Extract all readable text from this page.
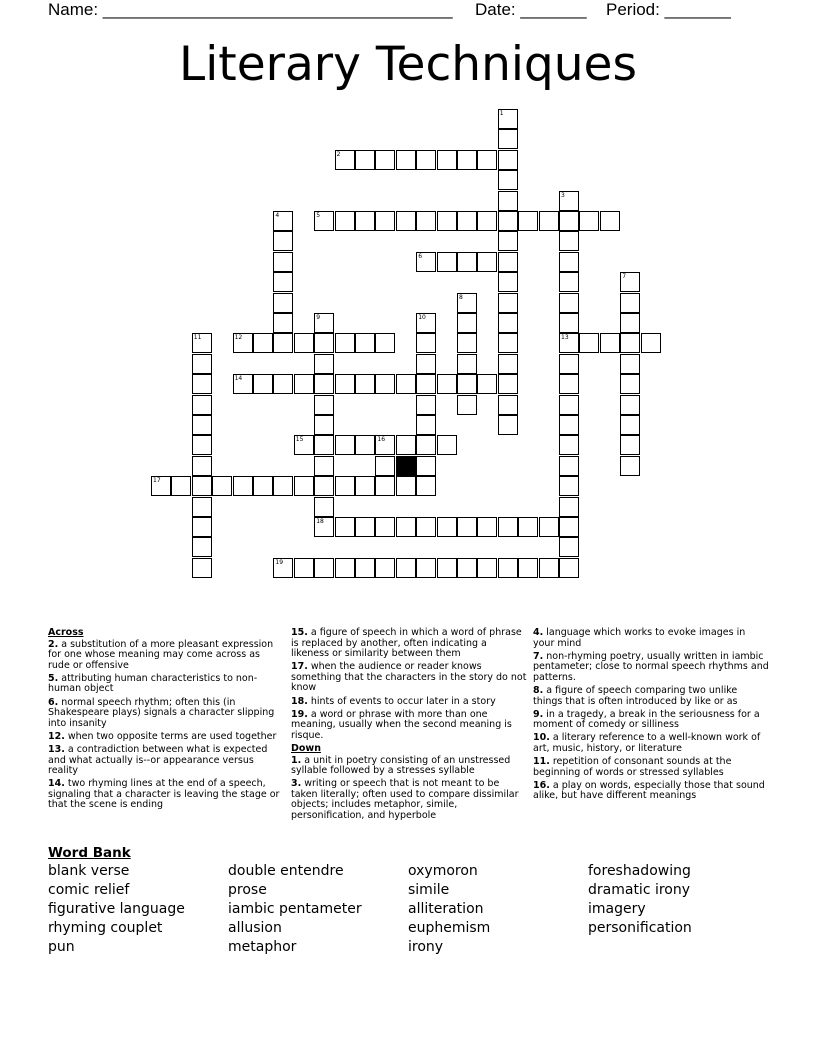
Name: _____________________________________ Date: _______ Period: _______
Literary Techniques
1
2
3
4	5
6
7
8
9	10
11	12	13
14
15	16
17
18
19
Across
2. a substitution of a more pleasant expression for one whose meaning may come across as rude or offensive
5. attributing human characteristics to non-human object
6. normal speech rhythm; often this (in Shakespeare plays) signals a character slipping into insanity
12. when two opposite terms are used together
13. a contradiction between what is expected and what actually is--or appearance versus reality
14. two rhyming lines at the end of a speech, signaling that a character is leaving the stage or that the scene is ending
15. a figure of speech in which a word of phrase is replaced by another, often indicating a likeness or similarity between them
17. when the audience or reader knows something that the characters in the story do not know
18. hints of events to occur later in a story
19. a word or phrase with more than one meaning, usually when the second meaning is risque.
Down
1. a unit in poetry consisting of an unstressed syllable followed by a stresses syllable
3. writing or speech that is not meant to be taken literally; often used to compare dissimilar objects; includes metaphor, simile, personification, and hyperbole
4. language which works to evoke images in your mind
7. non-rhyming poetry, usually written in iambic pentameter; close to normal speech rhythms and patterns.
8. a figure of speech comparing two unlike things that is often introduced by like or as
9. in a tragedy, a break in the seriousness for a moment of comedy or silliness
10. a literary reference to a well-known work of art, music, history, or literature
11. repetition of consonant sounds at the beginning of words or stressed syllables
16. a play on words, especially those that sound alike, but have different meanings
Word Bank
blank verse	double entendre	oxymoron	foreshadowing
comic relief	prose	simile	dramatic irony
figurative language	iambic pentameter	alliteration	imagery
rhyming couplet	allusion	euphemism	personification
pun	metaphor	irony
